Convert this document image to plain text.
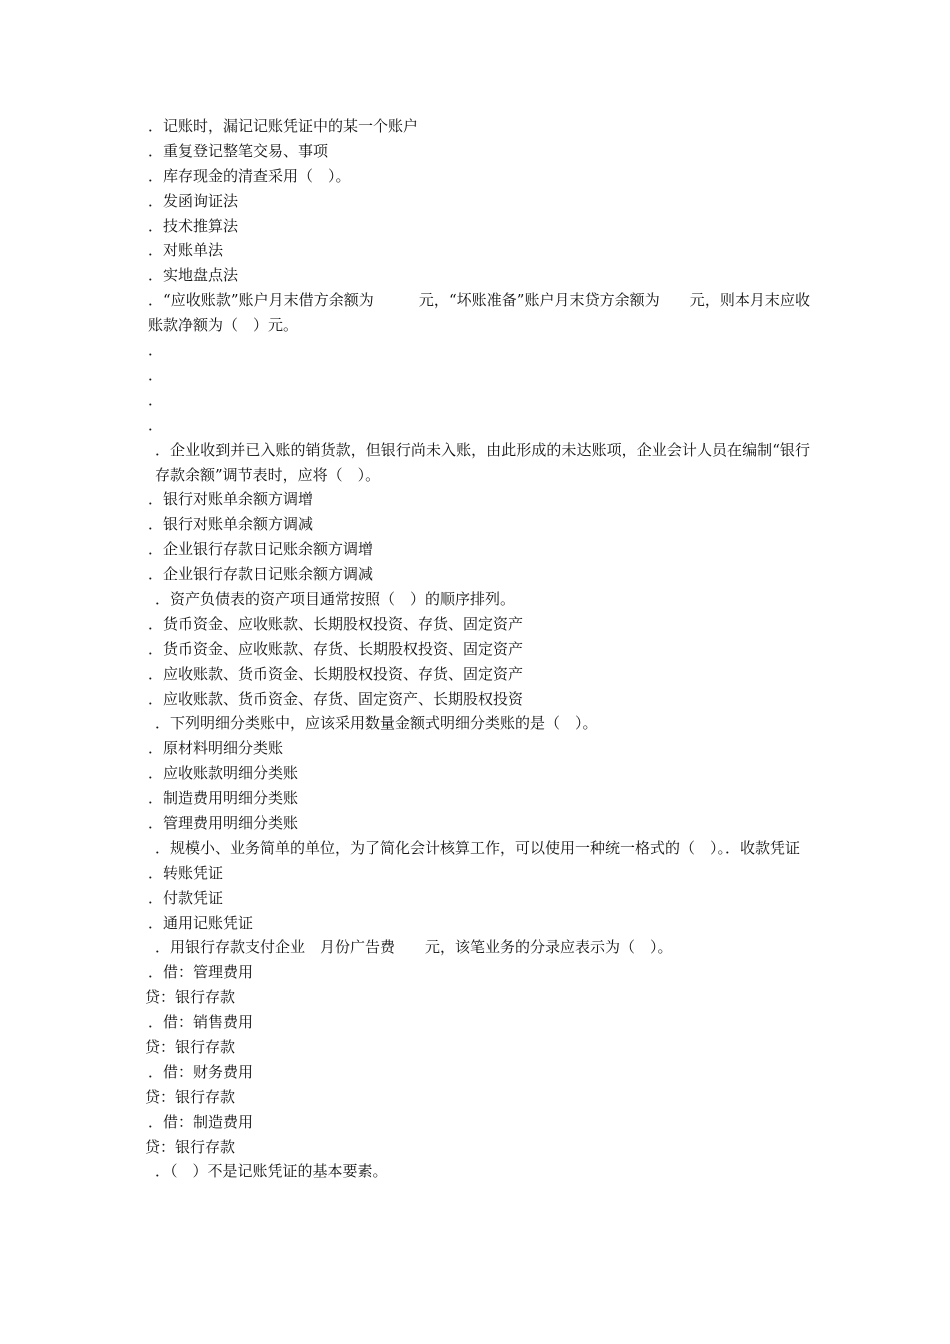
．记账时，漏记记账凭证中的某一个账户
．重复登记整笔交易、事项
．库存现金的清查采用（　）。
．发函询证法
．技术推算法
．对账单法
．实地盘点法
．“应收账款”账户月末借方余额为　　　元，“坏账准备”账户月末贷方余额为　　元，则本月末应收账款净额为（　）元。
．
．
．
．
．企业收到并已入账的销货款，但银行尚未入账，由此形成的未达账项，企业会计人员在编制“银行存款余额”调节表时，应将（　）。
．银行对账单余额方调增
．银行对账单余额方调减
．企业银行存款日记账余额方调增
．企业银行存款日记账余额方调减
．资产负债表的资产项目通常按照（　）的顺序排列。
．货币资金、应收账款、长期股权投资、存货、固定资产
．货币资金、应收账款、存货、长期股权投资、固定资产
．应收账款、货币资金、长期股权投资、存货、固定资产
．应收账款、货币资金、存货、固定资产、长期股权投资
．下列明细分类账中，应该采用数量金额式明细分类账的是（　）。
．原材料明细分类账
．应收账款明细分类账
．制造费用明细分类账
．管理费用明细分类账
．规模小、业务简单的单位，为了简化会计核算工作，可以使用一种统一格式的（　）。．收款凭证
．转账凭证
．付款凭证
．通用记账凭证
．用银行存款支付企业　月份广告费　　元，该笔业务的分录应表示为（　）。
．借：管理费用
贷：银行存款
．借：销售费用
贷：银行存款
．借：财务费用
贷：银行存款
．借：制造费用
贷：银行存款
．（　）不是记账凭证的基本要素。
